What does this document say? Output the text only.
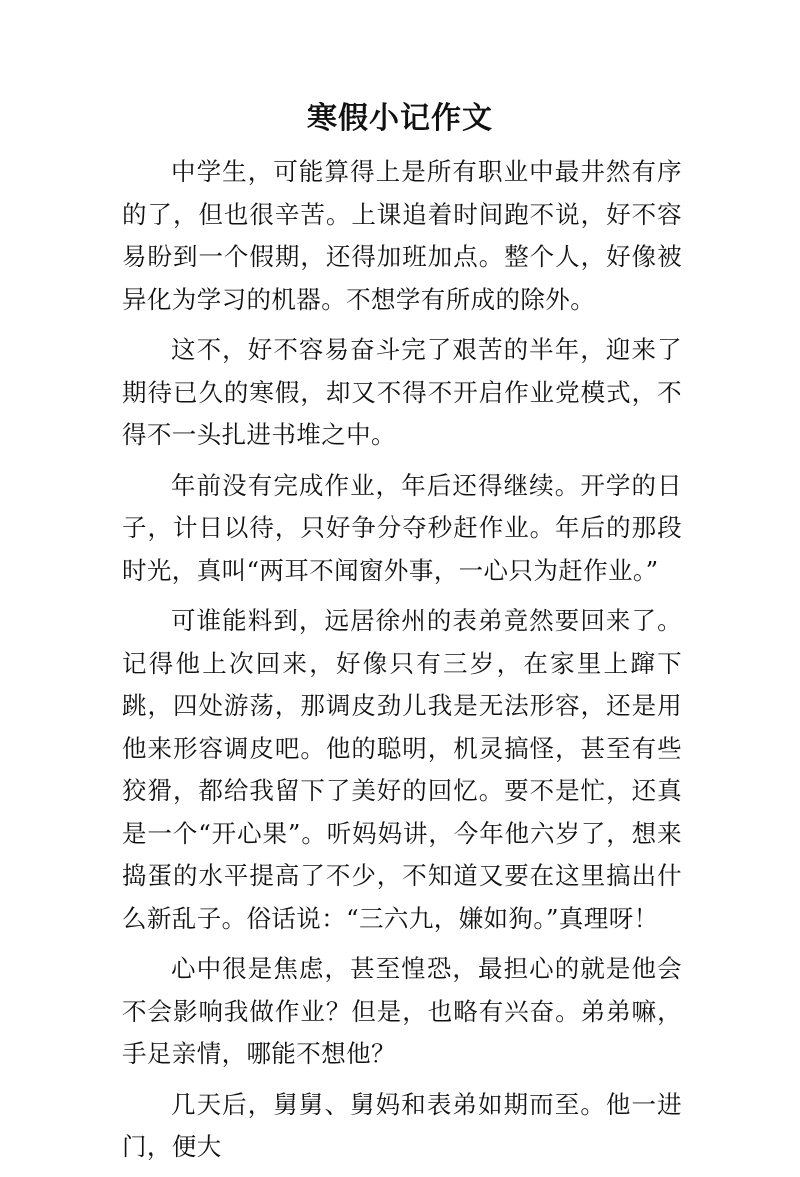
寒假小记作文

中学生，可能算得上是所有职业中最井然有序的了，但也很辛苦。上课追着时间跑不说，好不容易盼到一个假期，还得加班加点。整个人，好像被异化为学习的机器。不想学有所成的除外。

这不，好不容易奋斗完了艰苦的半年，迎来了期待已久的寒假，却又不得不开启作业党模式，不得不一头扎进书堆之中。

年前没有完成作业，年后还得继续。开学的日子，计日以待，只好争分夺秒赶作业。年后的那段时光，真叫“两耳不闻窗外事，一心只为赶作业。”

可谁能料到，远居徐州的表弟竟然要回来了。记得他上次回来，好像只有三岁，在家里上蹿下跳，四处游荡，那调皮劲儿我是无法形容，还是用他来形容调皮吧。他的聪明，机灵搞怪，甚至有些狡猾，都给我留下了美好的回忆。要不是忙，还真是一个“开心果”。听妈妈讲，今年他六岁了，想来捣蛋的水平提高了不少，不知道又要在这里搞出什么新乱子。俗话说：“三六九，嫌如狗。”真理呀！

心中很是焦虑，甚至惶恐，最担心的就是他会不会影响我做作业？但是，也略有兴奋。弟弟嘛，手足亲情，哪能不想他？

几天后，舅舅、舅妈和表弟如期而至。他一进门，便大
